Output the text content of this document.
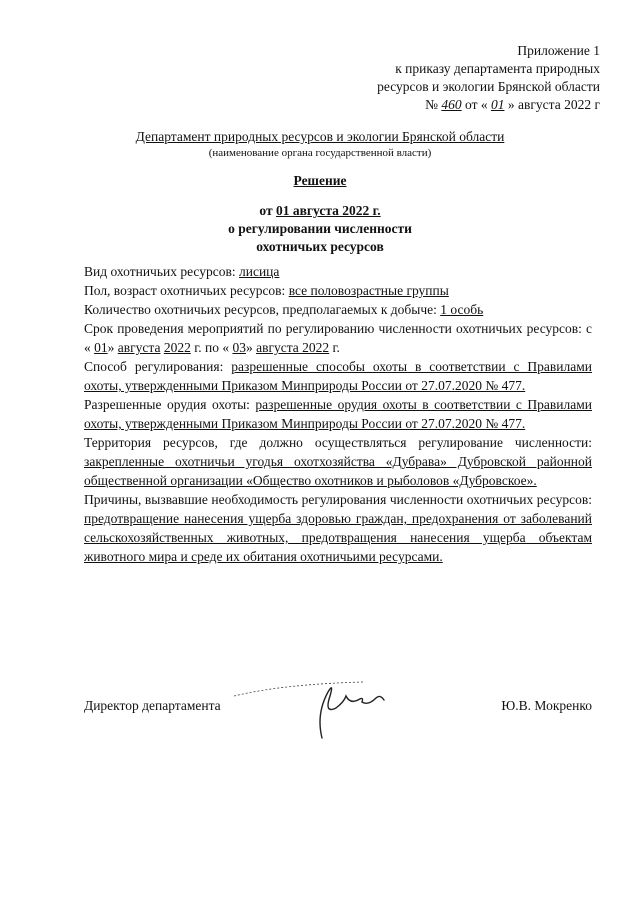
Приложение 1
к приказу департамента природных
ресурсов и экологии Брянской области
№ 460 от « 01 » августа 2022 г
Департамент природных ресурсов и экологии Брянской области
(наименование органа государственной власти)
Решение
от 01 августа 2022 г.
о регулировании численности
охотничьих ресурсов

Вид охотничьих ресурсов: лисица

Пол, возраст охотничьих ресурсов: все половозрастные группы

Количество охотничьих ресурсов, предполагаемых к добыче: 1 особь

Срок проведения мероприятий по регулированию численности охотничьих ресурсов: с « 01» августа 2022 г. по « 03» августа 2022 г.

Способ регулирования: разрешенные способы охоты в соответствии с Правилами охоты, утвержденными Приказом Минприроды России от 27.07.2020 № 477.

Разрешенные орудия охоты: разрешенные орудия охоты в соответствии с Правилами охоты, утвержденными Приказом Минприроды России от 27.07.2020 № 477.

Территория ресурсов, где должно осуществляться регулирование численности: закрепленные охотничьи угодья охотхозяйства «Дубрава» Дубровской районной общественной организации «Общество охотников и рыболовов «Дубровское».

Причины, вызвавшие необходимость регулирования численности охотничьих ресурсов: предотвращение нанесения ущерба здоровью граждан, предохранения от заболеваний сельскохозяйственных животных, предотвращения нанесения ущерба объектам животного мира и среде их обитания охотничьими ресурсами.

Директор департамента	Ю.В. Мокренко
